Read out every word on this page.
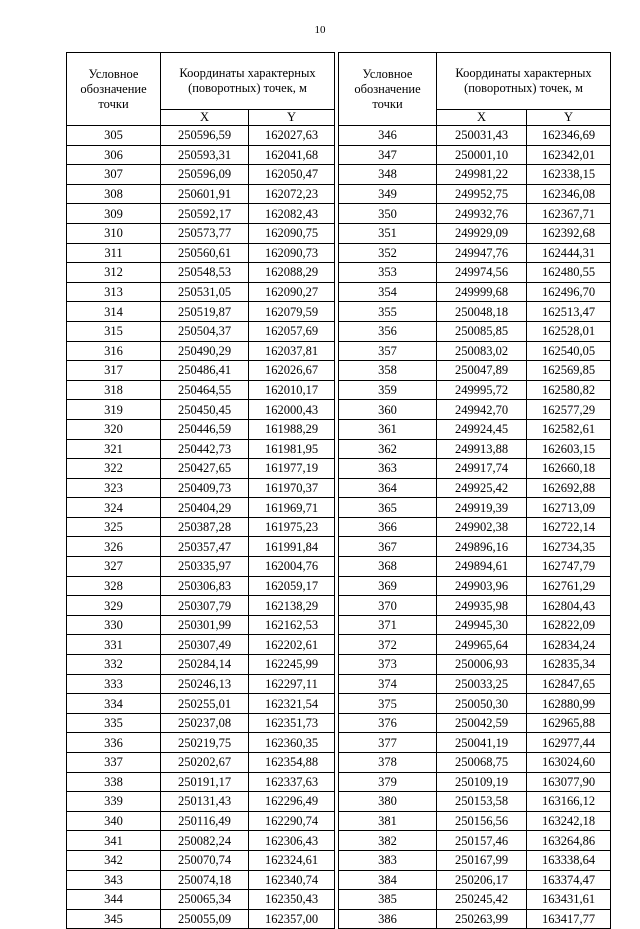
10
Условное обозначение точки	Координаты характерных (поворотных) точек, м	
	X	Y
305	250596,59	162027,63
306	250593,31	162041,68
307	250596,09	162050,47
308	250601,91	162072,23
309	250592,17	162082,43
310	250573,77	162090,75
311	250560,61	162090,73
312	250548,53	162088,29
313	250531,05	162090,27
314	250519,87	162079,59
315	250504,37	162057,69
316	250490,29	162037,81
317	250486,41	162026,67
318	250464,55	162010,17
319	250450,45	162000,43
320	250446,59	161988,29
321	250442,73	161981,95
322	250427,65	161977,19
323	250409,73	161970,37
324	250404,29	161969,71
325	250387,28	161975,23
326	250357,47	161991,84
327	250335,97	162004,76
328	250306,83	162059,17
329	250307,79	162138,29
330	250301,99	162162,53
331	250307,49	162202,61
332	250284,14	162245,99
333	250246,13	162297,11
334	250255,01	162321,54
335	250237,08	162351,73
336	250219,75	162360,35
337	250202,67	162354,88
338	250191,17	162337,63
339	250131,43	162296,49
340	250116,49	162290,74
341	250082,24	162306,43
342	250070,74	162324,61
343	250074,18	162340,74
344	250065,34	162350,43
345	250055,09	162357,00
Условное обозначение точки	Координаты характерных (поворотных) точек, м	
	X	Y
346	250031,43	162346,69
347	250001,10	162342,01
348	249981,22	162338,15
349	249952,75	162346,08
350	249932,76	162367,71
351	249929,09	162392,68
352	249947,76	162444,31
353	249974,56	162480,55
354	249999,68	162496,70
355	250048,18	162513,47
356	250085,85	162528,01
357	250083,02	162540,05
358	250047,89	162569,85
359	249995,72	162580,82
360	249942,70	162577,29
361	249924,45	162582,61
362	249913,88	162603,15
363	249917,74	162660,18
364	249925,42	162692,88
365	249919,39	162713,09
366	249902,38	162722,14
367	249896,16	162734,35
368	249894,61	162747,79
369	249903,96	162761,29
370	249935,98	162804,43
371	249945,30	162822,09
372	249965,64	162834,24
373	250006,93	162835,34
374	250033,25	162847,65
375	250050,30	162880,99
376	250042,59	162965,88
377	250041,19	162977,44
378	250068,75	163024,60
379	250109,19	163077,90
380	250153,58	163166,12
381	250156,56	163242,18
382	250157,46	163264,86
383	250167,99	163338,64
384	250206,17	163374,47
385	250245,42	163431,61
386	250263,99	163417,77
